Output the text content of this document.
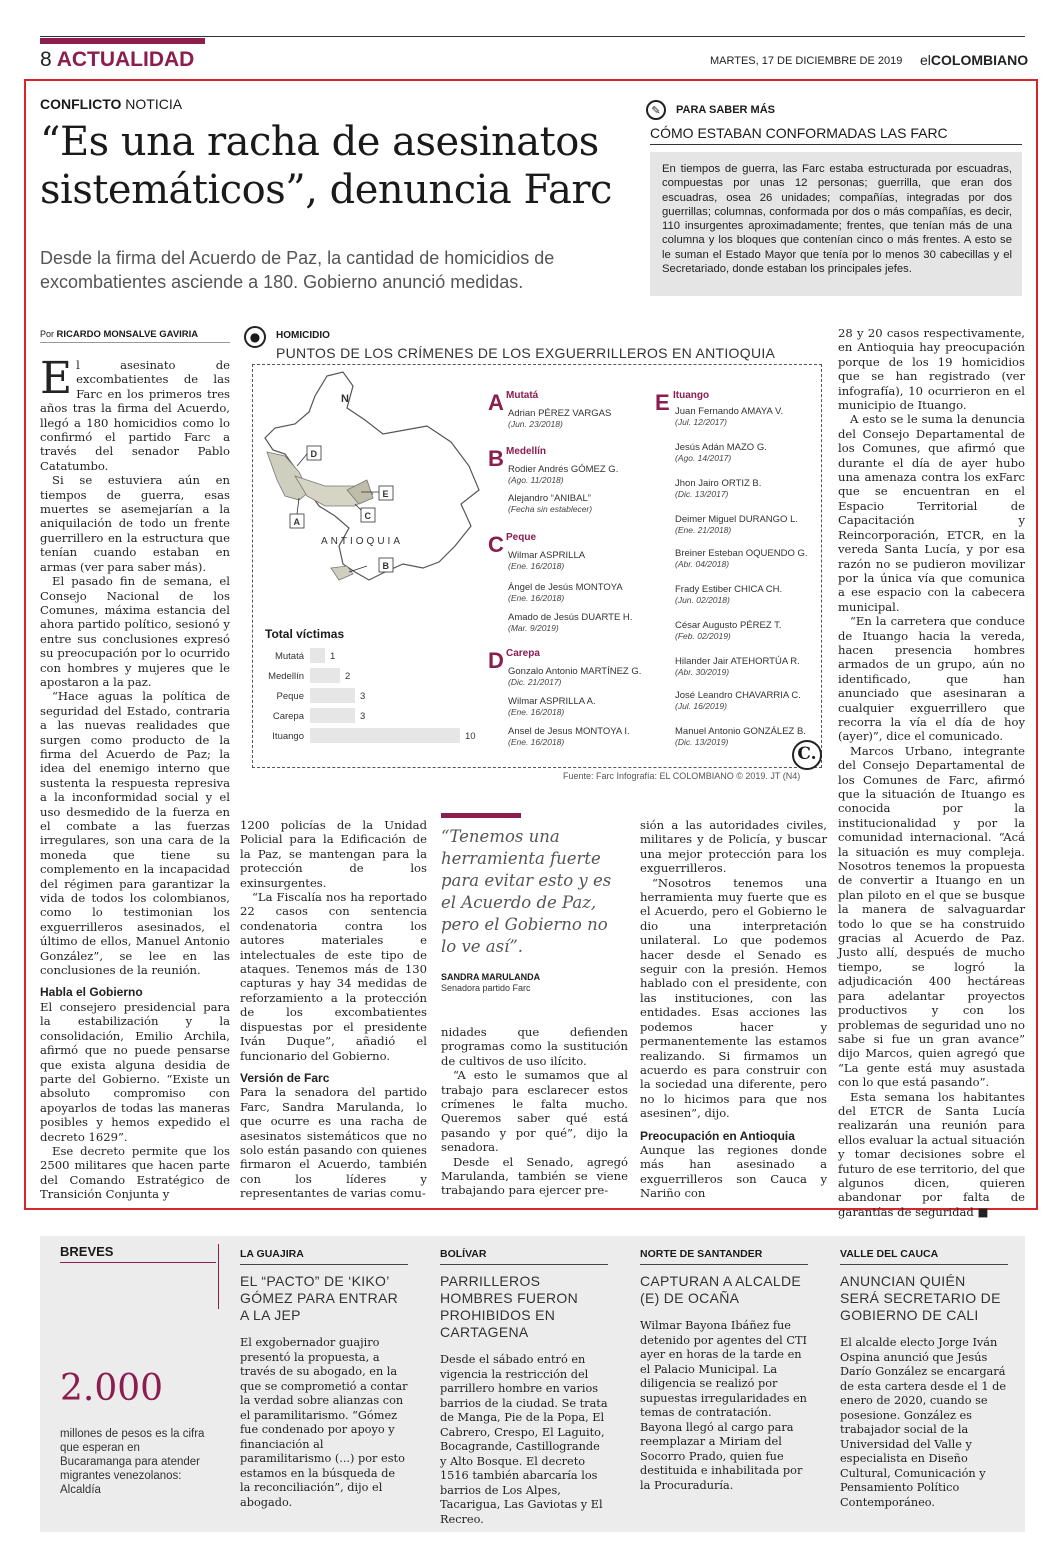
8 ACTUALIDAD	MARTES, 17 DE DICIEMBRE DE 2019 elCOLOMBIANO
CONFLICTO NOTICIA
“Es una racha de asesinatos
sistemáticos”, denuncia Farc
Desde la firma del Acuerdo de Paz, la cantidad de homicidios de excombatientes asciende a 180. Gobierno anunció medidas.
✎	PARA SABER MÁS
CÓMO ESTABAN CONFORMADAS LAS FARC
En tiempos de guerra, las Farc estaba estructurada por escuadras, compuestas por unas 12 personas; guerrilla, que eran dos escuadras, osea 26 unidades; compañías, integradas por dos guerrillas; columnas, conformada por dos o más compañías, es decir, 110 insurgentes aproximadamente; frentes, que tenían más de una columna y los bloques que contenían cinco o más frentes. A esto se le suman el Estado Mayor que tenía por lo menos 30 cabecillas y el Secretariado, donde estaban los principales jefes.
Por RICARDO MONSALVE GAVIRIA

El asesinato de excombatientes de las Farc en los primeros tres años tras la firma del Acuerdo, llegó a 180 homicidios como lo confirmó el partido Farc a través del senador Pablo Catatumbo.

Si se estuviera aún en tiempos de guerra, esas muertes se asemejarían a la aniquilación de todo un frente guerrillero en la estructura que tenían cuando estaban en armas (ver para saber más).

El pasado fin de semana, el Consejo Nacional de los Comunes, máxima estancia del ahora partido político, sesionó y entre sus conclusiones expresó su preocupación por lo ocurrido con hombres y mujeres que le apostaron a la paz.

“Hace aguas la política de seguridad del Estado, contraria a las nuevas realidades que surgen como producto de la firma del Acuerdo de Paz; la idea del enemigo interno que sustenta la respuesta represiva a la inconformidad social y el uso desmedido de la fuerza en el combate a las fuerzas irregulares, son una cara de la moneda que tiene su complemento en la incapacidad del régimen para garantizar la vida de todos los colombianos, como lo testimonian los exguerrilleros asesinados, el último de ellos, Manuel Antonio González”, se lee en las conclusiones de la reunión.

Habla el Gobierno

El consejero presidencial para la estabilización y la consolidación, Emilio Archila, afirmó que no puede pensarse que exista alguna desidia de parte del Gobierno. “Existe un absoluto compromiso con apoyarlos de todas las maneras posibles y hemos expedido el decreto 1629”.

Ese decreto permite que los 2500 militares que hacen parte del Comando Estratégico de Transición Conjunta y

●	HOMICIDIO
PUNTOS DE LOS CRÍMENES DE LOS EXGUERRILLEROS EN ANTIOQUIA
D
E
C
A
B
ANTIOQUIA
N
Total víctimas
Mutatá	1
Medellín	2
Peque	3
Carepa	3
Ituango	10
A Mutatá
Adrian PÉREZ VARGAS
(Jun. 23/2018)
B Medellín
Rodier Andrés GÓMEZ G.
(Ago. 11/2018)
Alejandro “ANIBAL”
(Fecha sin establecer)
C Peque
Wilmar ASPRILLA
(Ene. 16/2018)
Ángel de Jesús MONTOYA
(Ene. 16/2018)
Amado de Jesús DUARTE H.
(Mar. 9/2019)
D Carepa
Gonzalo Antonio MARTÍNEZ G.
(Dic. 21/2017)
Wilmar ASPRILLA A.
(Ene. 16/2018)
Ansel de Jesus MONTOYA I.
(Ene. 16/2018)
E Ituango
Juan Fernando AMAYA V.
(Jul. 12/2017)
Jesús Adán MAZO G.
(Ago. 14/2017)
Jhon Jairo ORTIZ B.
(Dic. 13/2017)
Deimer Miguel DURANGO L.
(Ene. 21/2018)
Breiner Esteban OQUENDO G.
(Abr. 04/2018)
Frady Estiber CHICA CH.
(Jun. 02/2018)
César Augusto PÉREZ T.
(Feb. 02/2019)
Hilander Jair ATEHORTÚA R.
(Abr. 30/2019)
José Leandro CHAVARRIA C.
(Jul. 16/2019)
Manuel Antonio GONZÁLEZ B.
(Dic. 13/2019)
C.
Fuente: Farc Infografía: EL COLOMBIANO © 2019. JT (N4)

1200 policías de la Unidad Policial para la Edificación de la Paz, se mantengan para la protección de los exinsurgentes.

“La Fiscalía nos ha reportado 22 casos con sentencia condenatoria contra los autores materiales e intelectuales de este tipo de ataques. Tenemos más de 130 capturas y hay 34 medidas de reforzamiento a la protección de los excombatientes dispuestas por el presidente Iván Duque”, añadió el funcionario del Gobierno.

Versión de Farc

Para la senadora del partido Farc, Sandra Marulanda, lo que ocurre es una racha de asesinatos sistemáticos que no solo están pasando con quienes firmaron el Acuerdo, también con los líderes y representantes de varias comu-

“Tenemos una herramienta fuerte para evitar esto y es el Acuerdo de Paz, pero el Gobierno no lo ve así”.
SANDRA MARULANDA
Senadora partido Farc

nidades que defienden programas como la sustitución de cultivos de uso ilícito.

“A esto le sumamos que al trabajo para esclarecer estos crímenes le falta mucho. Queremos saber qué está pasando y por qué”, dijo la senadora.

Desde el Senado, agregó Marulanda, también se viene trabajando para ejercer pre-

sión a las autoridades civiles, militares y de Policía, y buscar una mejor protección para los exguerrilleros.

“Nosotros tenemos una herramienta muy fuerte que es el Acuerdo, pero el Gobierno le dio una interpretación unilateral. Lo que podemos hacer desde el Senado es seguir con la presión. Hemos hablado con el presidente, con las instituciones, con las entidades. Esas acciones las podemos hacer y permanentemente las estamos realizando. Si firmamos un acuerdo es para construir con la sociedad una diferente, pero no lo hicimos para que nos asesinen”, dijo.

Preocupación en Antioquia

Aunque las regiones donde más han asesinado a exguerrilleros son Cauca y Nariño con

28 y 20 casos respectivamente, en Antioquia hay preocupación porque de los 19 homicidios que se han registrado (ver infografía), 10 ocurrieron en el municipio de Ituango.

A esto se le suma la denuncia del Consejo Departamental de los Comunes, que afirmó que durante el día de ayer hubo una amenaza contra los exFarc que se encuentran en el Espacio Territorial de Capacitación y Reincorporación, ETCR, en la vereda Santa Lucía, y por esa razón no se pudieron movilizar por la única vía que comunica a ese espacio con la cabecera municipal.

“En la carretera que conduce de Ituango hacia la vereda, hacen presencia hombres armados de un grupo, aún no identificado, que han anunciado que asesinaran a cualquier exguerrillero que recorra la vía el día de hoy (ayer)”, dice el comunicado.

Marcos Urbano, integrante del Consejo Departamental de los Comunes de Farc, afirmó que la situación de Ituango es conocida por la institucionalidad y por la comunidad internacional. “Acá la situación es muy compleja. Nosotros tenemos la propuesta de convertir a Ituango en un plan piloto en el que se busque la manera de salvaguardar todo lo que se ha construido gracias al Acuerdo de Paz. Justo allí, después de mucho tiempo, se logró la adjudicación 400 hectáreas para adelantar proyectos productivos y con los problemas de seguridad uno no sabe si fue un gran avance” dijo Marcos, quien agregó que “La gente está muy asustada con lo que está pasando”.

Esta semana los habitantes del ETCR de Santa Lucía realizarán una reunión para ellos evaluar la actual situación y tomar decisiones sobre el futuro de ese territorio, del que algunos dicen, quieren abandonar por falta de garantías de seguridad ■

BREVES
2.000
millones de pesos es la cifra que esperan en Bucaramanga para atender migrantes venezolanos: Alcaldía
LA GUAJIRA
EL “PACTO” DE ‘KIKO’ GÓMEZ PARA ENTRAR A LA JEP
El exgobernador guajiro presentó la propuesta, a través de su abogado, en la que se comprometió a contar la verdad sobre alianzas con el paramilitarismo. “Gómez fue condenado por apoyo y financiación al paramilitarismo (...) por esto estamos en la búsqueda de la reconciliación”, dijo el abogado.
BOLÍVAR
PARRILLEROS HOMBRES FUERON PROHIBIDOS EN CARTAGENA
Desde el sábado entró en vigencia la restricción del parrillero hombre en varios barrios de la ciudad. Se trata de Manga, Pie de la Popa, El Cabrero, Crespo, El Laguito, Bocagrande, Castillogrande y Alto Bosque. El decreto 1516 también abarcaría los barrios de Los Alpes, Tacarigua, Las Gaviotas y El Recreo.
NORTE DE SANTANDER
CAPTURAN A ALCALDE (E) DE OCAÑA
Wilmar Bayona Ibáñez fue detenido por agentes del CTI ayer en horas de la tarde en el Palacio Municipal. La diligencia se realizó por supuestas irregularidades en temas de contratación. Bayona llegó al cargo para reemplazar a Miriam del Socorro Prado, quien fue destituida e inhabilitada por la Procuraduría.
VALLE DEL CAUCA
ANUNCIAN QUIÉN SERÁ SECRETARIO DE GOBIERNO DE CALI
El alcalde electo Jorge Iván Ospina anunció que Jesús Darío González se encargará de esta cartera desde el 1 de enero de 2020, cuando se posesione. González es trabajador social de la Universidad del Valle y especialista en Diseño Cultural, Comunicación y Pensamiento Político Contemporáneo.
